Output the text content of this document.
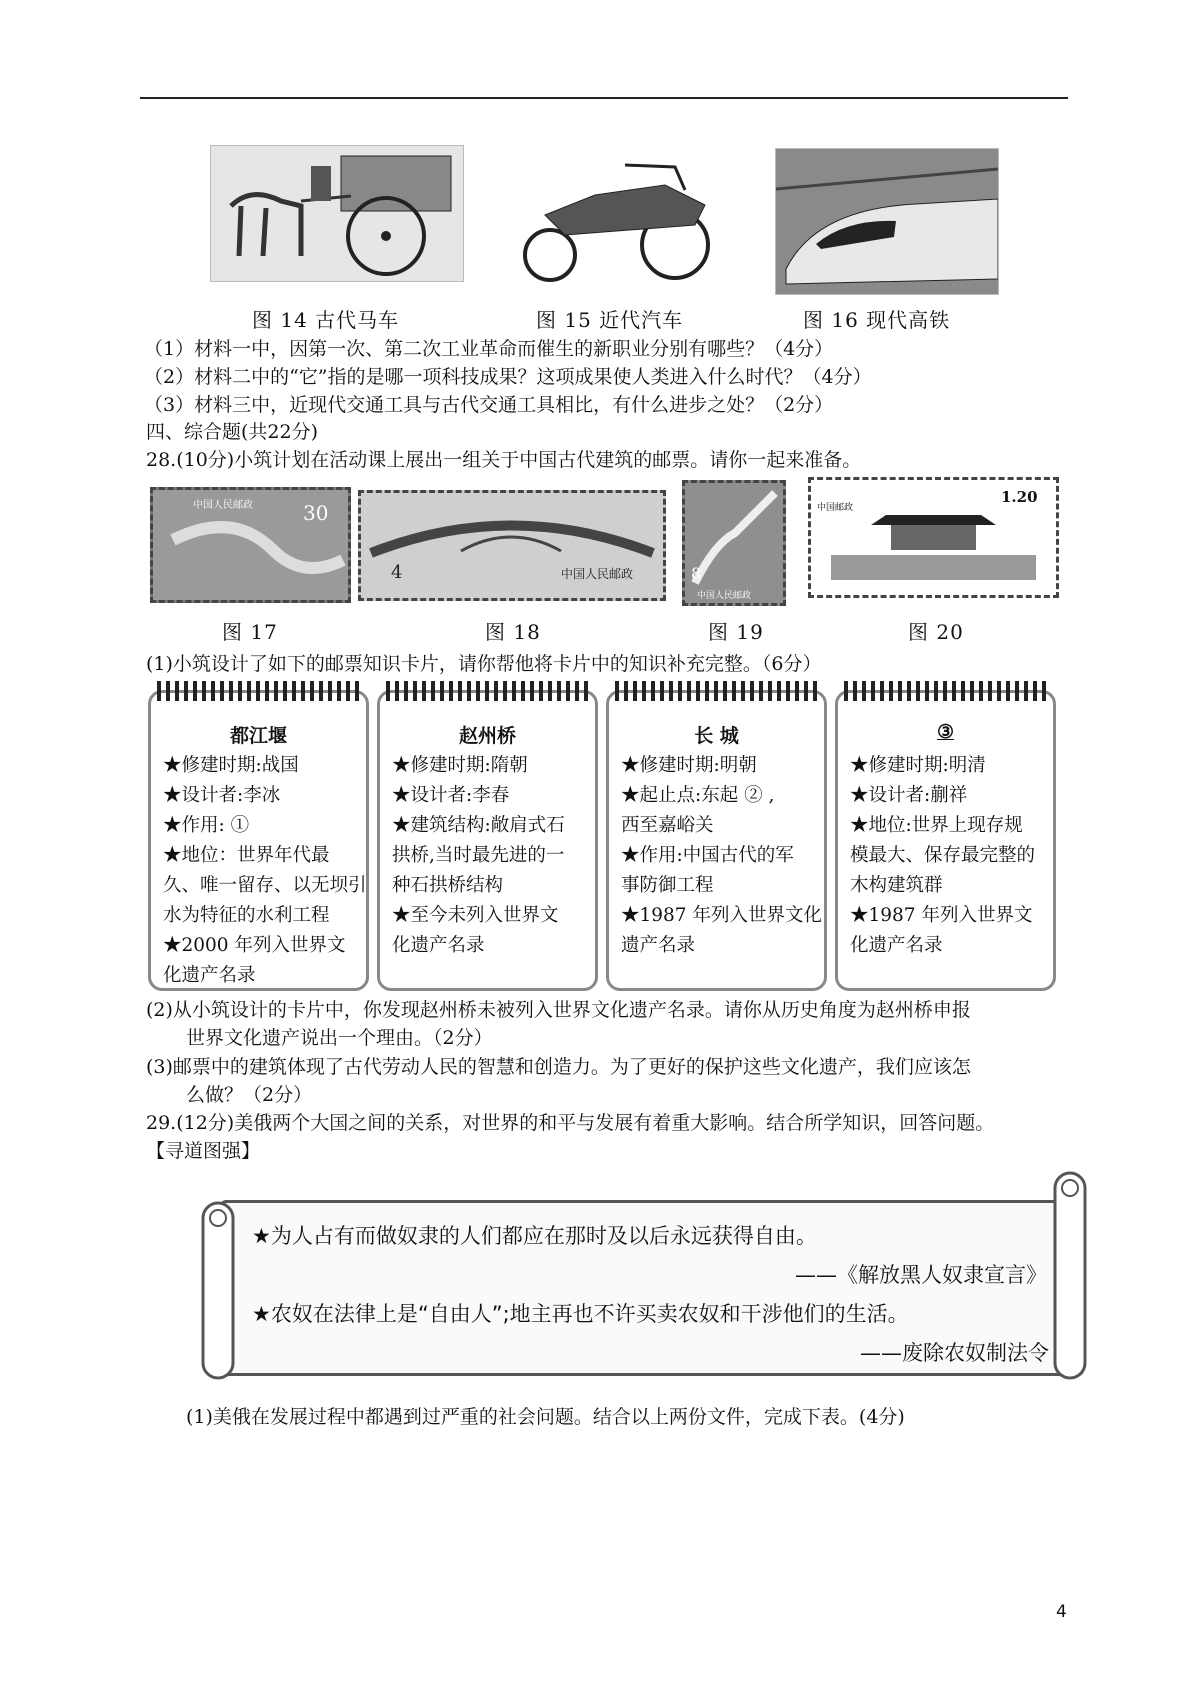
图 14 古代马车	图 15 近代汽车	图 16 现代高铁
（1）材料一中，因第一次、第二次工业革命而催生的新职业分别有哪些？（4分）
（2）材料二中的“它”指的是哪一项科技成果？这项成果使人类进入什么时代？（4分）
（3）材料三中，近现代交通工具与古代交通工具相比，有什么进步之处？（2分）
四、综合题(共22分)
28.(10分)小筑计划在活动课上展出一组关于中国古代建筑的邮票。请你一起来准备。
中国人民邮政	30
4	中国人民邮政	8
中国人民邮政
1.20
中国邮政
图 17	图 18	图 19	图 20
(1)小筑设计了如下的邮票知识卡片，请你帮他将卡片中的知识补充完整。（6分）
都江堰
★修建时期:战国
★设计者:李冰
★作用: ①
★地位：世界年代最
久、唯一留存、以无坝引
水为特征的水利工程
★2000 年列入世界文
化遗产名录
赵州桥
★修建时期:隋朝
★设计者:李春
★建筑结构:敞肩式石
拱桥,当时最先进的一
种石拱桥结构
★至今未列入世界文
化遗产名录
长 城
★修建时期:明朝
★起止点:东起 ② ,
西至嘉峪关
★作用:中国古代的军
事防御工程
★1987 年列入世界文化
遗产名录
③
★修建时期:明清
★设计者:蒯祥
★地位:世界上现存规
模最大、保存最完整的
木构建筑群
★1987 年列入世界文
化遗产名录
(2)从小筑设计的卡片中，你发现赵州桥未被列入世界文化遗产名录。请你从历史角度为赵州桥申报
世界文化遗产说出一个理由。（2分）
(3)邮票中的建筑体现了古代劳动人民的智慧和创造力。为了更好的保护这些文化遗产，我们应该怎
么做？（2分）
29.(12分)美俄两个大国之间的关系，对世界的和平与发展有着重大影响。结合所学知识，回答问题。
【寻道图强】
★为人占有而做奴隶的人们都应在那时及以后永远获得自由。
——《解放黑人奴隶宣言》
★农奴在法律上是“自由人”;地主再也不许买卖农奴和干涉他们的生活。
——废除农奴制法令
(1)美俄在发展过程中都遇到过严重的社会问题。结合以上两份文件，完成下表。(4分)
4
